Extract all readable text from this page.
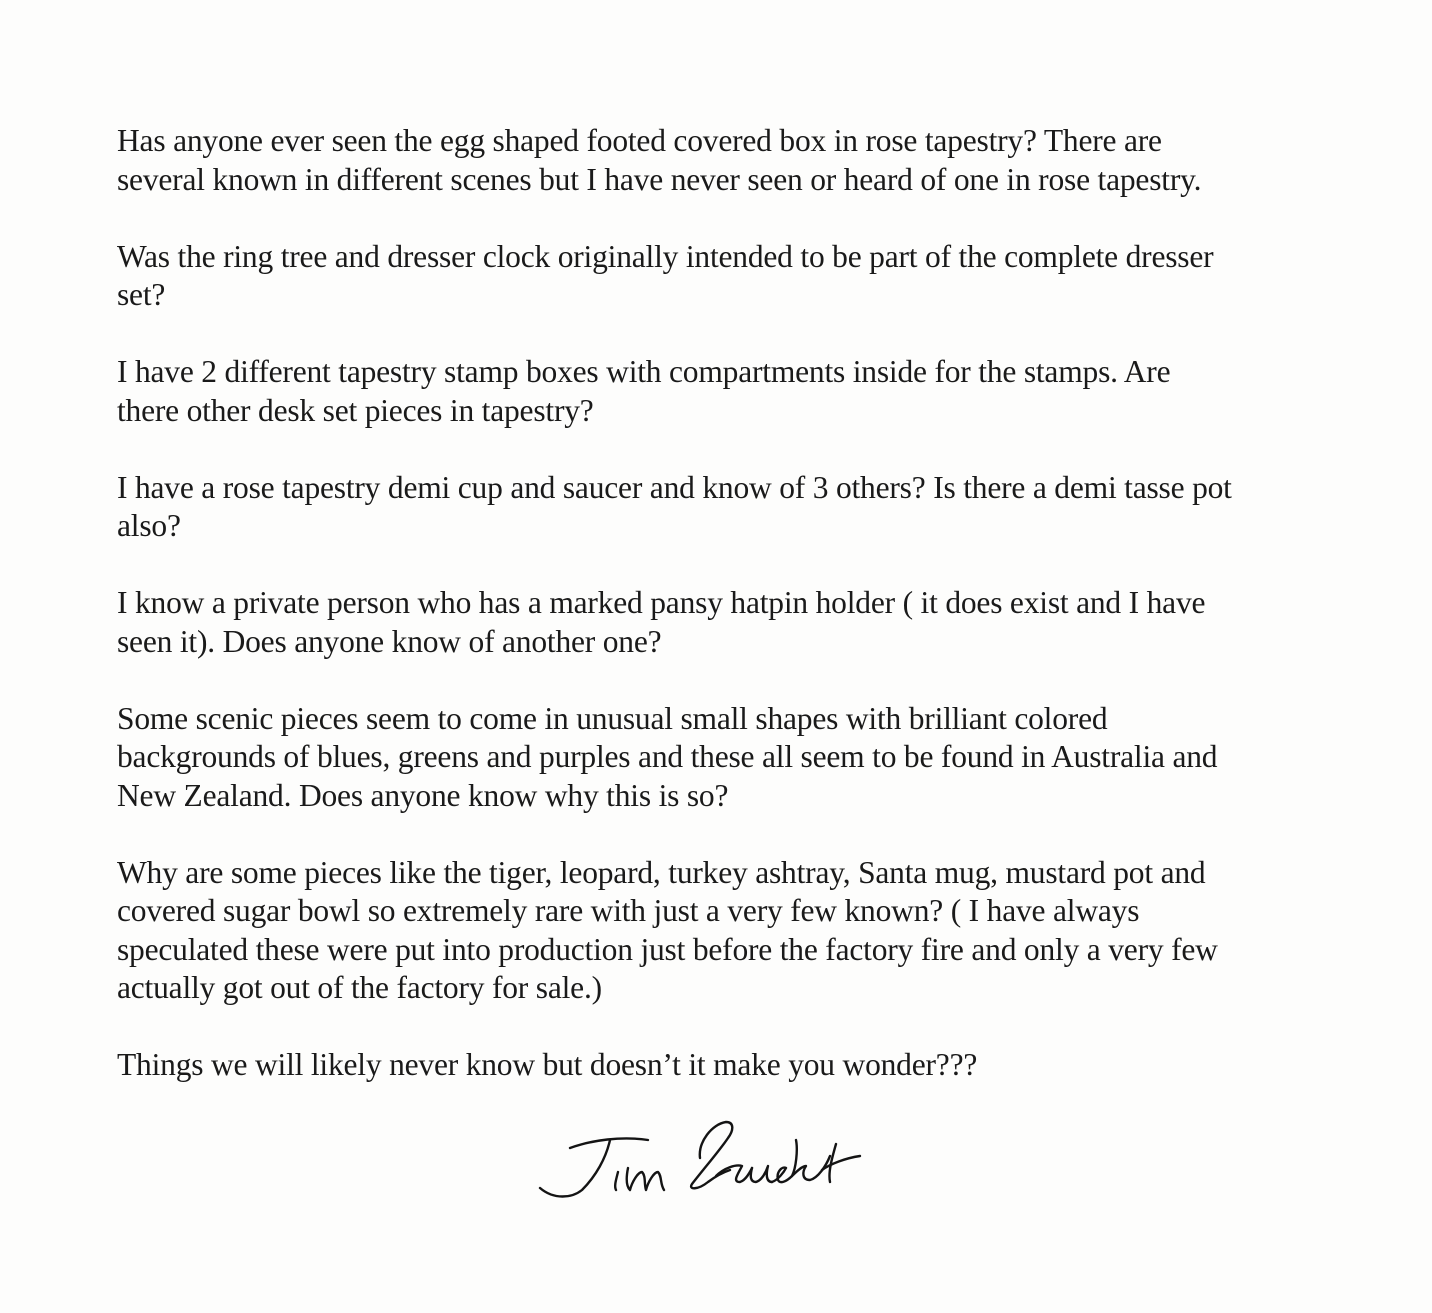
Has anyone ever seen the egg shaped footed covered box in rose tapestry? There are
several known in different scenes but I have never seen or heard of one in rose tapestry.
Was the ring tree and dresser clock originally intended to be part of the complete dresser
set?
I have 2 different tapestry stamp boxes with compartments inside for the stamps. Are
there other desk set pieces in tapestry?
I have a rose tapestry demi cup and saucer and know of 3 others? Is there a demi tasse pot
also?
I know a private person who has a marked pansy hatpin holder ( it does exist and I have
seen it). Does anyone know of another one?
Some scenic pieces seem to come in unusual small shapes with brilliant colored
backgrounds of blues, greens and purples and these all seem to be found in Australia and
New Zealand. Does anyone know why this is so?
Why are some pieces like the tiger, leopard, turkey ashtray, Santa mug, mustard pot and
covered sugar bowl so extremely rare with just a very few known? ( I have always
speculated these were put into production just before the factory fire and only a very few
actually got out of the factory for sale.)
Things we will likely never know but doesn’t it make you wonder???
